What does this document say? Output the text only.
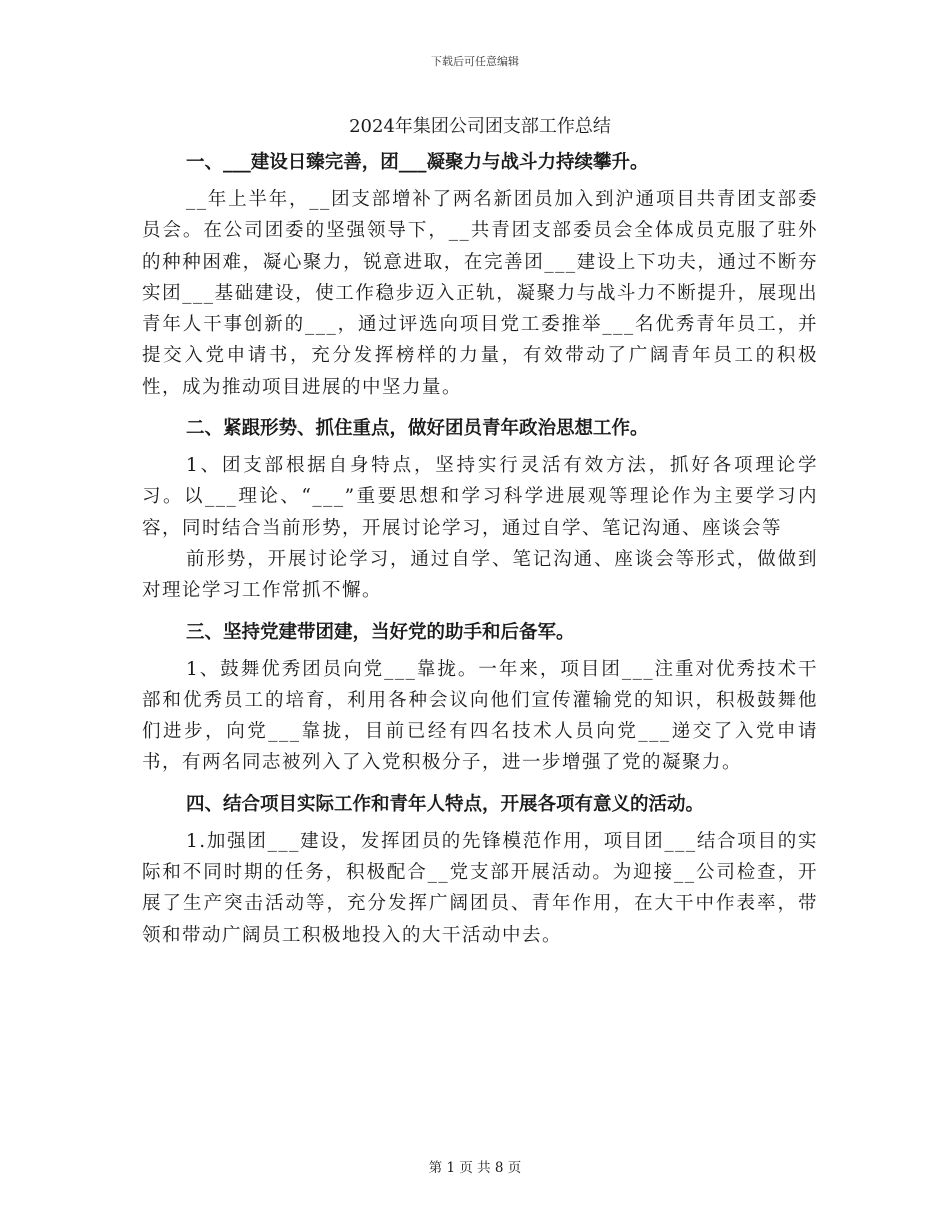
下载后可任意编辑
2024年集团公司团支部工作总结
一、___建设日臻完善，团___凝聚力与战斗力持续攀升。

__年上半年，__团支部增补了两名新团员加入到沪通项目共青团支部委员会。在公司团委的坚强领导下，__共青团支部委员会全体成员克服了驻外的种种困难，凝心聚力，锐意进取，在完善团___建设上下功夫，通过不断夯实团___基础建设，使工作稳步迈入正轨，凝聚力与战斗力不断提升，展现出青年人干事创新的___，通过评选向项目党工委推举___名优秀青年员工，并提交入党申请书，充分发挥榜样的力量，有效带动了广阔青年员工的积极性，成为推动项目进展的中坚力量。

二、紧跟形势、抓住重点，做好团员青年政治思想工作。

1、团支部根据自身特点，坚持实行灵活有效方法，抓好各项理论学习。以___理论、“___”重要思想和学习科学进展观等理论作为主要学习内容，同时结合当前形势，开展讨论学习，通过自学、笔记沟通、座谈会等

前形势，开展讨论学习，通过自学、笔记沟通、座谈会等形式，做做到对理论学习工作常抓不懈。

三、坚持党建带团建，当好党的助手和后备军。

1、鼓舞优秀团员向党___靠拢。一年来，项目团___注重对优秀技术干部和优秀员工的培育，利用各种会议向他们宣传灌输党的知识，积极鼓舞他们进步，向党___靠拢，目前已经有四名技术人员向党___递交了入党申请书，有两名同志被列入了入党积极分子，进一步增强了党的凝聚力。

四、结合项目实际工作和青年人特点，开展各项有意义的活动。

1.加强团___建设，发挥团员的先锋模范作用，项目团___结合项目的实际和不同时期的任务，积极配合__党支部开展活动。为迎接__公司检查，开展了生产突击活动等，充分发挥广阔团员、青年作用，在大干中作表率，带领和带动广阔员工积极地投入的大干活动中去。

第 1 页 共 8 页
